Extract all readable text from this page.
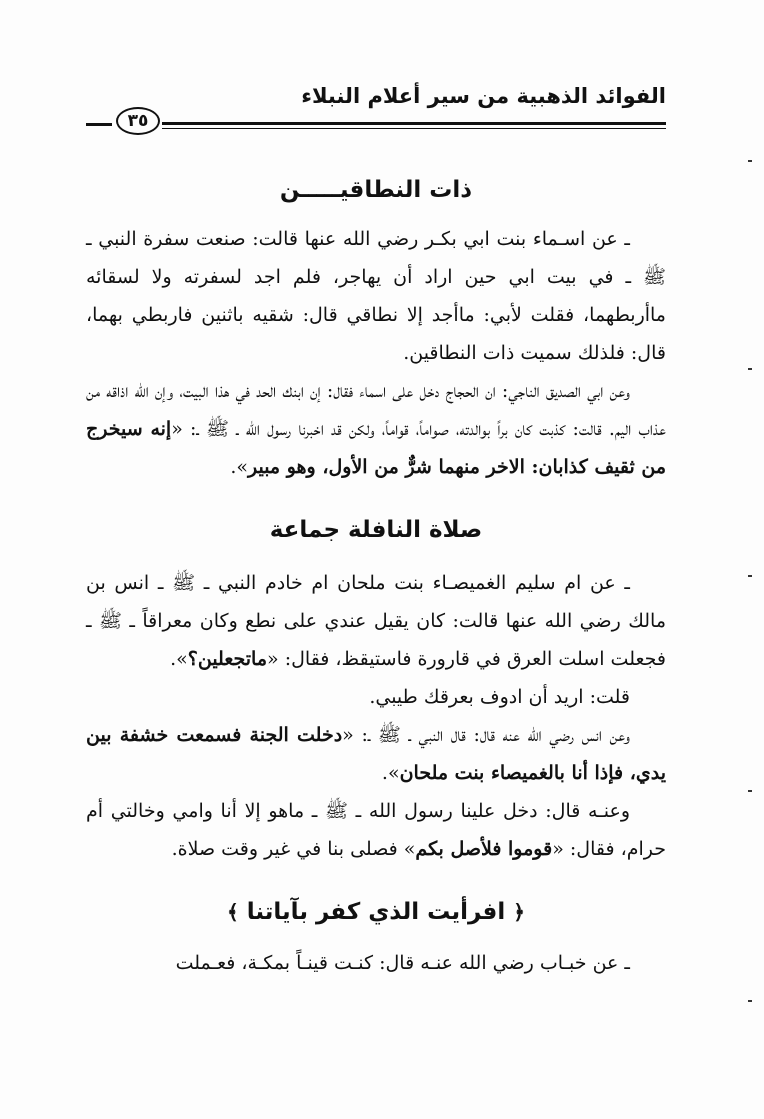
الفوائد الذهبية من سير أعلام النبلاء
٣٥
ذات النطاقيـــــن

ـ عن اسـماء بنت ابي بكـر رضي الله عنها قالت: صنعت سفرة النبي ـ ﷺ ـ في بيت ابي حين اراد أن يهاجر، فلم اجد لسفرته ولا لسقائه ماأربطهما، فقلت لأبي: ماأجد إلا نطاقي قال: شقيه باثنين فاربطي بهما، قال: فلذلك سميت ذات النطاقين.

وعن ابي الصديق الناجي: ان الحجاج دخل على اسماء فقال: إن ابنك الحد في هذا البيت، وإن الله اذاقه من عذاب اليم. قالت: كذبت كان براً بوالدته، صواماً، قواماً، ولكن قد اخبرنا رسول الله ـ ﷺ ـ: «إنه سيخرج من ثقيف كذابان: الاخر منهما شرٌّ من الأول، وهو مبير».

صلاة النافلة جماعة

ـ عن ام سليم الغميصـاء بنت ملحان ام خادم النبي ـ ﷺ ـ انس بن مالك رضي الله عنها قالت: كان يقيل عندي على نطع وكان معراقاً ـ ﷺ ـ فجعلت اسلت العرق في قارورة فاستيقظ، فقال: «ماتجعلين؟».

قلت: اريد أن ادوف بعرقك طيبي.

وعن انس رضي الله عنه قال: قال النبي ـ ﷺ ـ: «دخلت الجنة فسمعت خشفة بين يدي، فإذا أنا بالغميصاء بنت ملحان».

وعنـه قال: دخل علينا رسول الله ـ ﷺ ـ ماهو إلا أنا وامي وخالتي أم حرام، فقال: «قوموا فلأصل بكم» فصلى بنا في غير وقت صلاة.

﴿ افرأيت الذي كفر بآياتنا ﴾

ـ عن خبـاب رضي الله عنـه قال: كنـت قينـاً بمكـة، فعـملت
